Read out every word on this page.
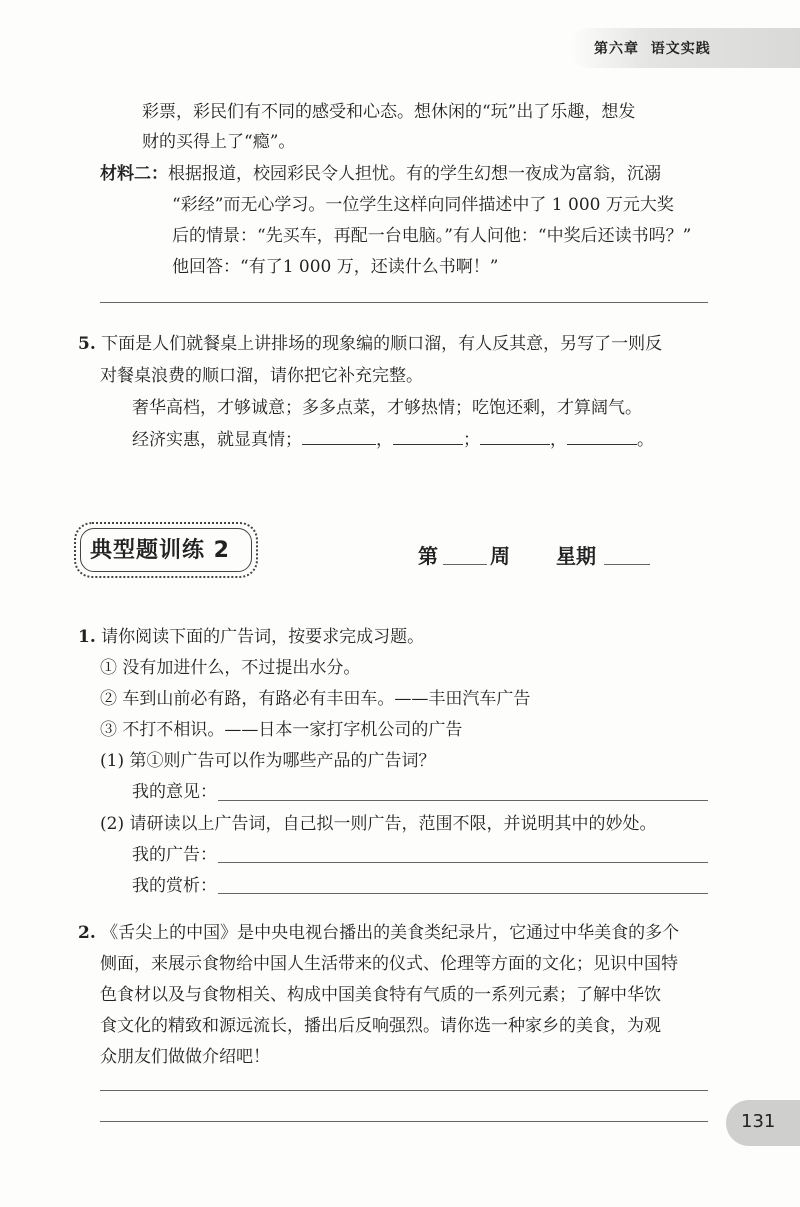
第六章 语文实践
彩票，彩民们有不同的感受和心态。想休闲的“玩”出了乐趣，想发
财的买得上了“瘾”。
材料二：根据报道，校园彩民令人担忧。有的学生幻想一夜成为富翁，沉溺
“彩经”而无心学习。一位学生这样向同伴描述中了 1 000 万元大奖
后的情景：“先买车，再配一台电脑。”有人问他：“中奖后还读书吗？”
他回答：“有了1 000 万，还读什么书啊！”
5. 下面是人们就餐桌上讲排场的现象编的顺口溜，有人反其意，另写了一则反
对餐桌浪费的顺口溜，请你把它补充完整。
奢华高档，才够诚意；多多点菜，才够热情；吃饱还剩，才算阔气。
经济实惠，就显真情；	，	；	，	。
典型题训练 2	第	周 星期
1. 请你阅读下面的广告词，按要求完成习题。
① 没有加进什么，不过提出水分。
② 车到山前必有路，有路必有丰田车。——丰田汽车广告
③ 不打不相识。——日本一家打字机公司的广告
(1) 第①则广告可以作为哪些产品的广告词？
我的意见：
(2) 请研读以上广告词，自己拟一则广告，范围不限，并说明其中的妙处。
我的广告：
我的赏析：
2. 《舌尖上的中国》是中央电视台播出的美食类纪录片，它通过中华美食的多个
侧面，来展示食物给中国人生活带来的仪式、伦理等方面的文化；见识中国特
色食材以及与食物相关、构成中国美食特有气质的一系列元素；了解中华饮
食文化的精致和源远流长，播出后反响强烈。请你选一种家乡的美食，为观
众朋友们做做介绍吧！
131
